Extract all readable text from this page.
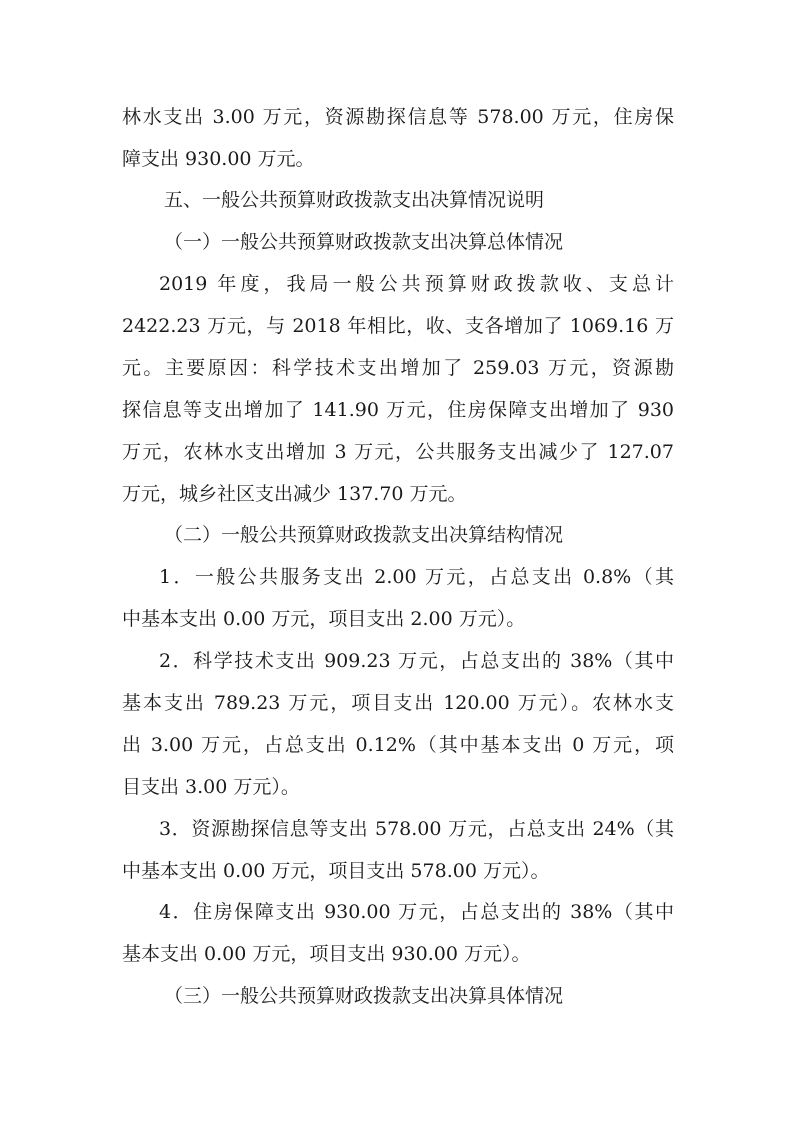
林水支出 3.00 万元，资源勘探信息等 578.00 万元，住房保
障支出 930.00 万元。
五、一般公共预算财政拨款支出决算情况说明
（一）一般公共预算财政拨款支出决算总体情况
2019 年度，我局一般公共预算财政拨款收、支总计
2422.23 万元，与 2018 年相比，收、支各增加了 1069.16 万
元。主要原因：科学技术支出增加了 259.03 万元，资源勘
探信息等支出增加了 141.90 万元，住房保障支出增加了 930
万元，农林水支出增加 3 万元，公共服务支出减少了 127.07
万元，城乡社区支出减少 137.70 万元。
（二）一般公共预算财政拨款支出决算结构情况
1．一般公共服务支出 2.00 万元，占总支出 0.8%（其
中基本支出 0.00 万元，项目支出 2.00 万元）。
2．科学技术支出 909.23 万元，占总支出的 38%（其中
基本支出 789.23 万元，项目支出 120.00 万元）。农林水支
出 3.00 万元，占总支出 0.12%（其中基本支出 0 万元，项
目支出 3.00 万元）。
3．资源勘探信息等支出 578.00 万元，占总支出 24%（其
中基本支出 0.00 万元，项目支出 578.00 万元）。
4．住房保障支出 930.00 万元，占总支出的 38%（其中
基本支出 0.00 万元，项目支出 930.00 万元）。
（三）一般公共预算财政拨款支出决算具体情况
